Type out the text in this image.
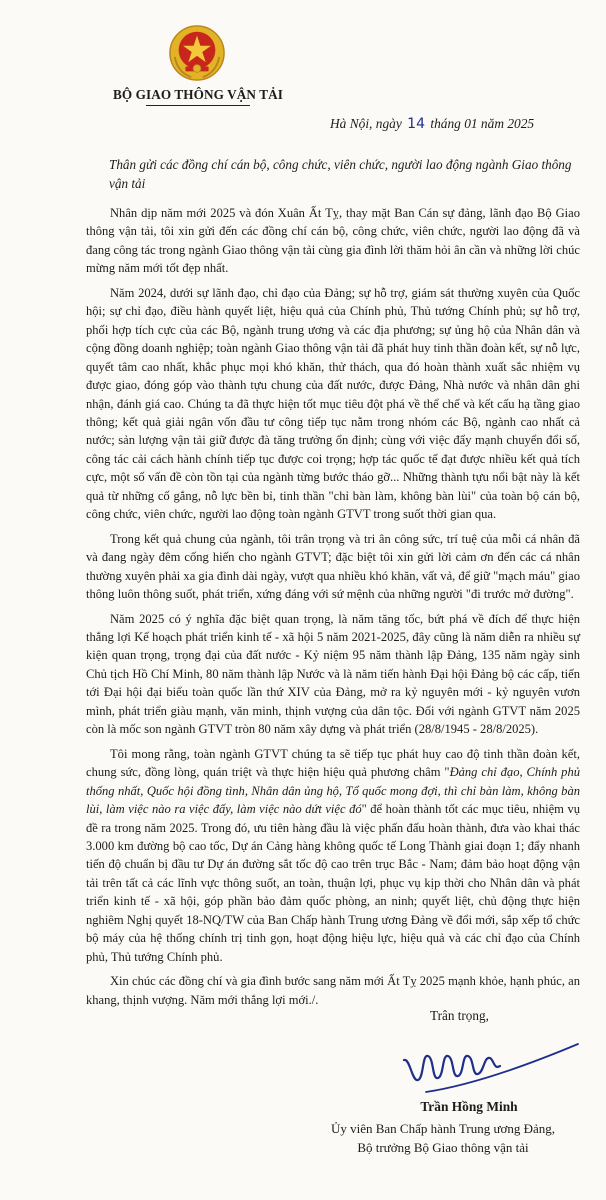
BỘ GIAO THÔNG VẬN TẢI
Hà Nội, ngày 14 tháng 01 năm 2025
Thân gửi các đồng chí cán bộ, công chức, viên chức, người lao động ngành Giao thông vận tải

Nhân dịp năm mới 2025 và đón Xuân Ất Tỵ, thay mặt Ban Cán sự đảng, lãnh đạo Bộ Giao thông vận tải, tôi xin gửi đến các đồng chí cán bộ, công chức, viên chức, người lao động đã và đang công tác trong ngành Giao thông vận tải cùng gia đình lời thăm hỏi ân cần và những lời chúc mừng năm mới tốt đẹp nhất.

Năm 2024, dưới sự lãnh đạo, chỉ đạo của Đảng; sự hỗ trợ, giám sát thường xuyên của Quốc hội; sự chỉ đạo, điều hành quyết liệt, hiệu quả của Chính phủ, Thủ tướng Chính phủ; sự hỗ trợ, phối hợp tích cực của các Bộ, ngành trung ương và các địa phương; sự ủng hộ của Nhân dân và cộng đồng doanh nghiệp; toàn ngành Giao thông vận tải đã phát huy tinh thần đoàn kết, sự nỗ lực, quyết tâm cao nhất, khắc phục mọi khó khăn, thử thách, qua đó hoàn thành xuất sắc nhiệm vụ được giao, đóng góp vào thành tựu chung của đất nước, được Đảng, Nhà nước và nhân dân ghi nhận, đánh giá cao. Chúng ta đã thực hiện tốt mục tiêu đột phá về thể chế và kết cấu hạ tầng giao thông; kết quả giải ngân vốn đầu tư công tiếp tục nằm trong nhóm các Bộ, ngành cao nhất cả nước; sản lượng vận tải giữ được đà tăng trưởng ổn định; cùng với việc đẩy mạnh chuyển đổi số, công tác cải cách hành chính tiếp tục được coi trọng; hợp tác quốc tế đạt được nhiều kết quả tích cực, một số vấn đề còn tồn tại của ngành từng bước tháo gỡ... Những thành tựu nổi bật này là kết quả từ những cố gắng, nỗ lực bền bỉ, tinh thần "chỉ bàn làm, không bàn lùi" của toàn bộ cán bộ, công chức, viên chức, người lao động toàn ngành GTVT trong suốt thời gian qua.

Trong kết quả chung của ngành, tôi trân trọng và tri ân công sức, trí tuệ của mỗi cá nhân đã và đang ngày đêm cống hiến cho ngành GTVT; đặc biệt tôi xin gửi lời cảm ơn đến các cá nhân thường xuyên phải xa gia đình dài ngày, vượt qua nhiều khó khăn, vất vả, để giữ "mạch máu" giao thông luôn thông suốt, phát triển, xứng đáng với sứ mệnh của những người "đi trước mở đường".

Năm 2025 có ý nghĩa đặc biệt quan trọng, là năm tăng tốc, bứt phá về đích để thực hiện thắng lợi Kế hoạch phát triển kinh tế - xã hội 5 năm 2021-2025, đây cũng là năm diễn ra nhiều sự kiện quan trọng, trọng đại của đất nước - Kỷ niệm 95 năm thành lập Đảng, 135 năm ngày sinh Chủ tịch Hồ Chí Minh, 80 năm thành lập Nước và là năm tiến hành Đại hội Đảng bộ các cấp, tiến tới Đại hội đại biểu toàn quốc lần thứ XIV của Đảng, mở ra kỷ nguyên mới - kỷ nguyên vươn mình, phát triển giàu mạnh, văn minh, thịnh vượng của dân tộc. Đối với ngành GTVT năm 2025 còn là mốc son ngành GTVT tròn 80 năm xây dựng và phát triển (28/8/1945 - 28/8/2025).

Tôi mong rằng, toàn ngành GTVT chúng ta sẽ tiếp tục phát huy cao độ tinh thần đoàn kết, chung sức, đồng lòng, quán triệt và thực hiện hiệu quả phương châm "Đảng chỉ đạo, Chính phủ thống nhất, Quốc hội đồng tình, Nhân dân ủng hộ, Tổ quốc mong đợi, thì chỉ bàn làm, không bàn lùi, làm việc nào ra việc đấy, làm việc nào dứt việc đó" để hoàn thành tốt các mục tiêu, nhiệm vụ đề ra trong năm 2025. Trong đó, ưu tiên hàng đầu là việc phấn đấu hoàn thành, đưa vào khai thác 3.000 km đường bộ cao tốc, Dự án Cảng hàng không quốc tế Long Thành giai đoạn 1; đẩy nhanh tiến độ chuẩn bị đầu tư Dự án đường sắt tốc độ cao trên trục Bắc - Nam; đảm bảo hoạt động vận tải trên tất cả các lĩnh vực thông suốt, an toàn, thuận lợi, phục vụ kịp thời cho Nhân dân và phát triển kinh tế - xã hội, góp phần bảo đảm quốc phòng, an ninh; quyết liệt, chủ động thực hiện nghiêm Nghị quyết 18-NQ/TW của Ban Chấp hành Trung ương Đảng về đổi mới, sắp xếp tổ chức bộ máy của hệ thống chính trị tinh gọn, hoạt động hiệu lực, hiệu quả và các chỉ đạo của Chính phủ, Thủ tướng Chính phủ.

Xin chúc các đồng chí và gia đình bước sang năm mới Ất Tỵ 2025 mạnh khỏe, hạnh phúc, an khang, thịnh vượng. Năm mới thắng lợi mới./.

Trân trọng,
Trần Hồng Minh
Ủy viên Ban Chấp hành Trung ương Đảng,
Bộ trưởng Bộ Giao thông vận tải
